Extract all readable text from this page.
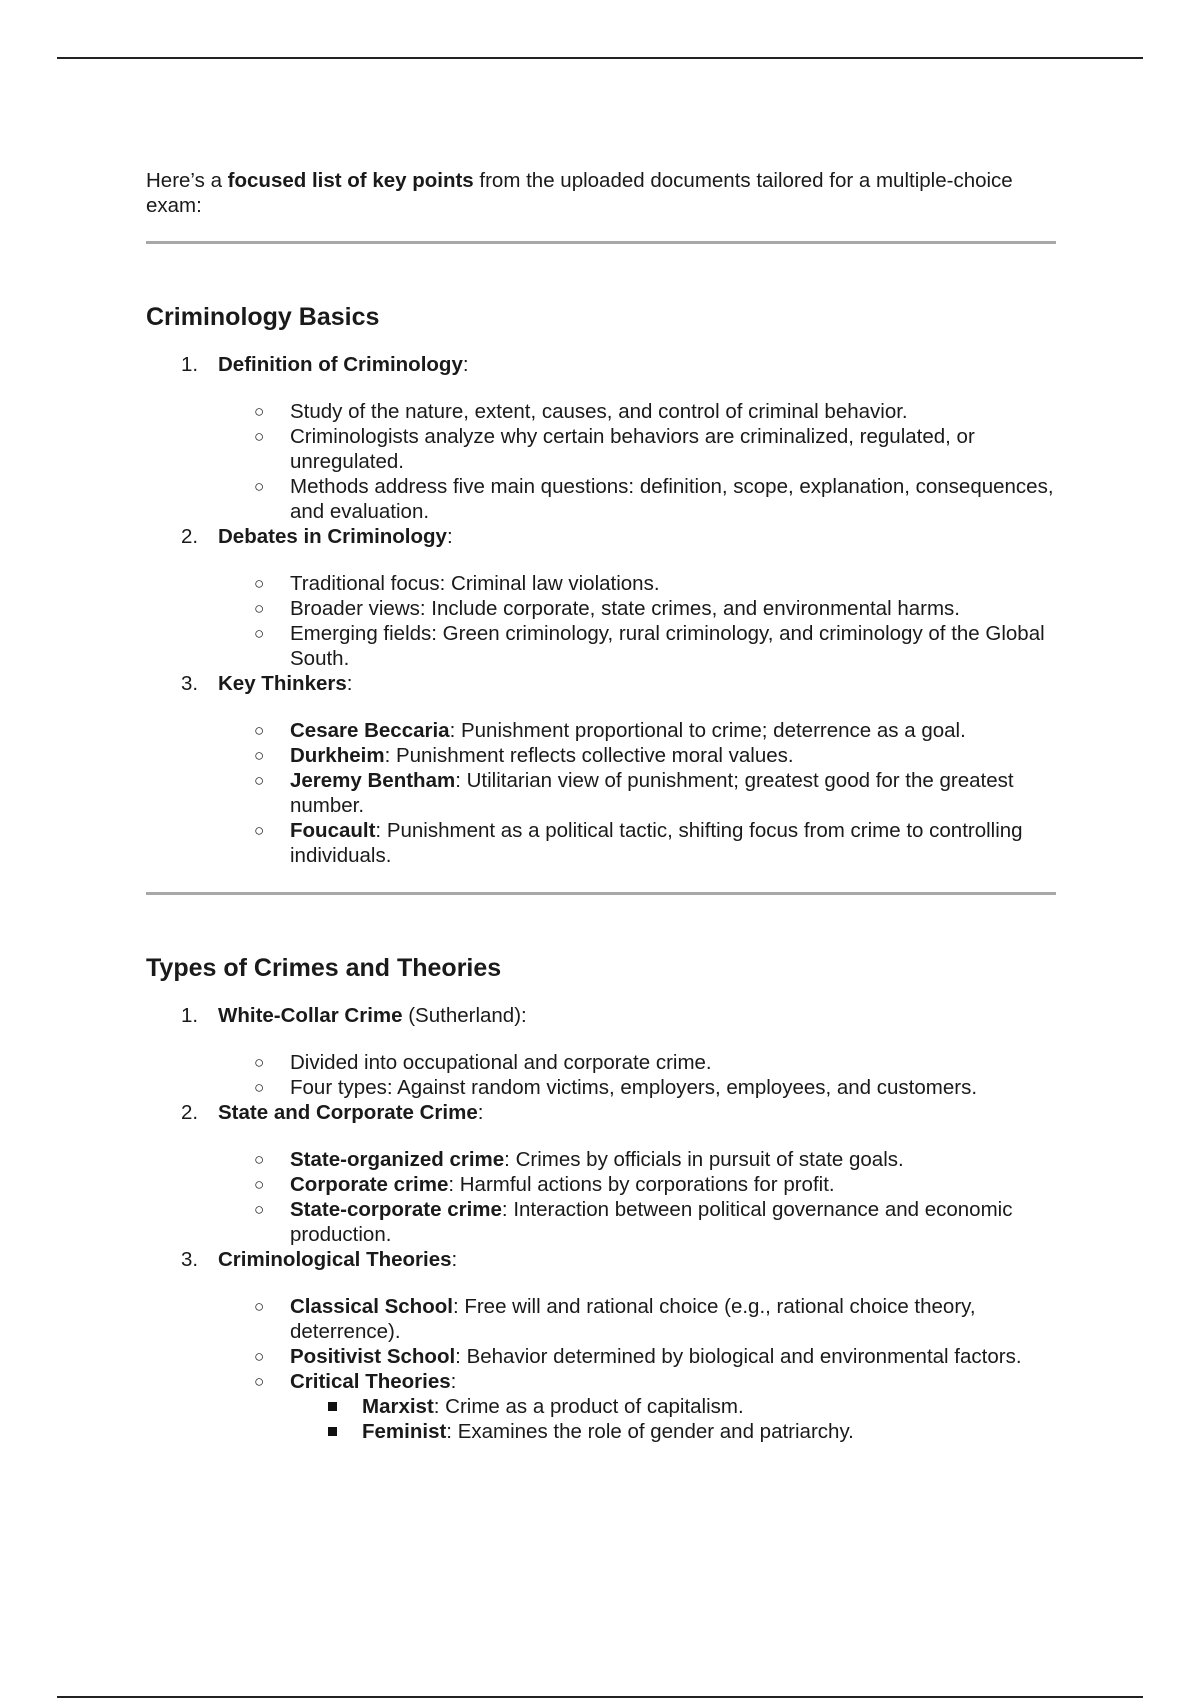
Here’s a focused list of key points from the uploaded documents tailored for a multiple-choice exam:

Criminology Basics
1. Definition of Criminology:
○ Study of the nature, extent, causes, and control of criminal behavior.
○ Criminologists analyze why certain behaviors are criminalized, regulated, or unregulated.
○ Methods address five main questions: definition, scope, explanation, consequences, and evaluation.
2. Debates in Criminology:
○ Traditional focus: Criminal law violations.
○ Broader views: Include corporate, state crimes, and environmental harms.
○ Emerging fields: Green criminology, rural criminology, and criminology of the Global South.
3. Key Thinkers:
○ Cesare Beccaria: Punishment proportional to crime; deterrence as a goal.
○ Durkheim: Punishment reflects collective moral values.
○ Jeremy Bentham: Utilitarian view of punishment; greatest good for the greatest number.
○ Foucault: Punishment as a political tactic, shifting focus from crime to controlling individuals.
Types of Crimes and Theories
1. White-Collar Crime (Sutherland):
○ Divided into occupational and corporate crime.
○ Four types: Against random victims, employers, employees, and customers.
2. State and Corporate Crime:
○ State-organized crime: Crimes by officials in pursuit of state goals.
○ Corporate crime: Harmful actions by corporations for profit.
○ State-corporate crime: Interaction between political governance and economic production.
3. Criminological Theories:
○ Classical School: Free will and rational choice (e.g., rational choice theory, deterrence).
○ Positivist School: Behavior determined by biological and environmental factors.
○ Critical Theories:
Marxist: Crime as a product of capitalism.
Feminist: Examines the role of gender and patriarchy.
